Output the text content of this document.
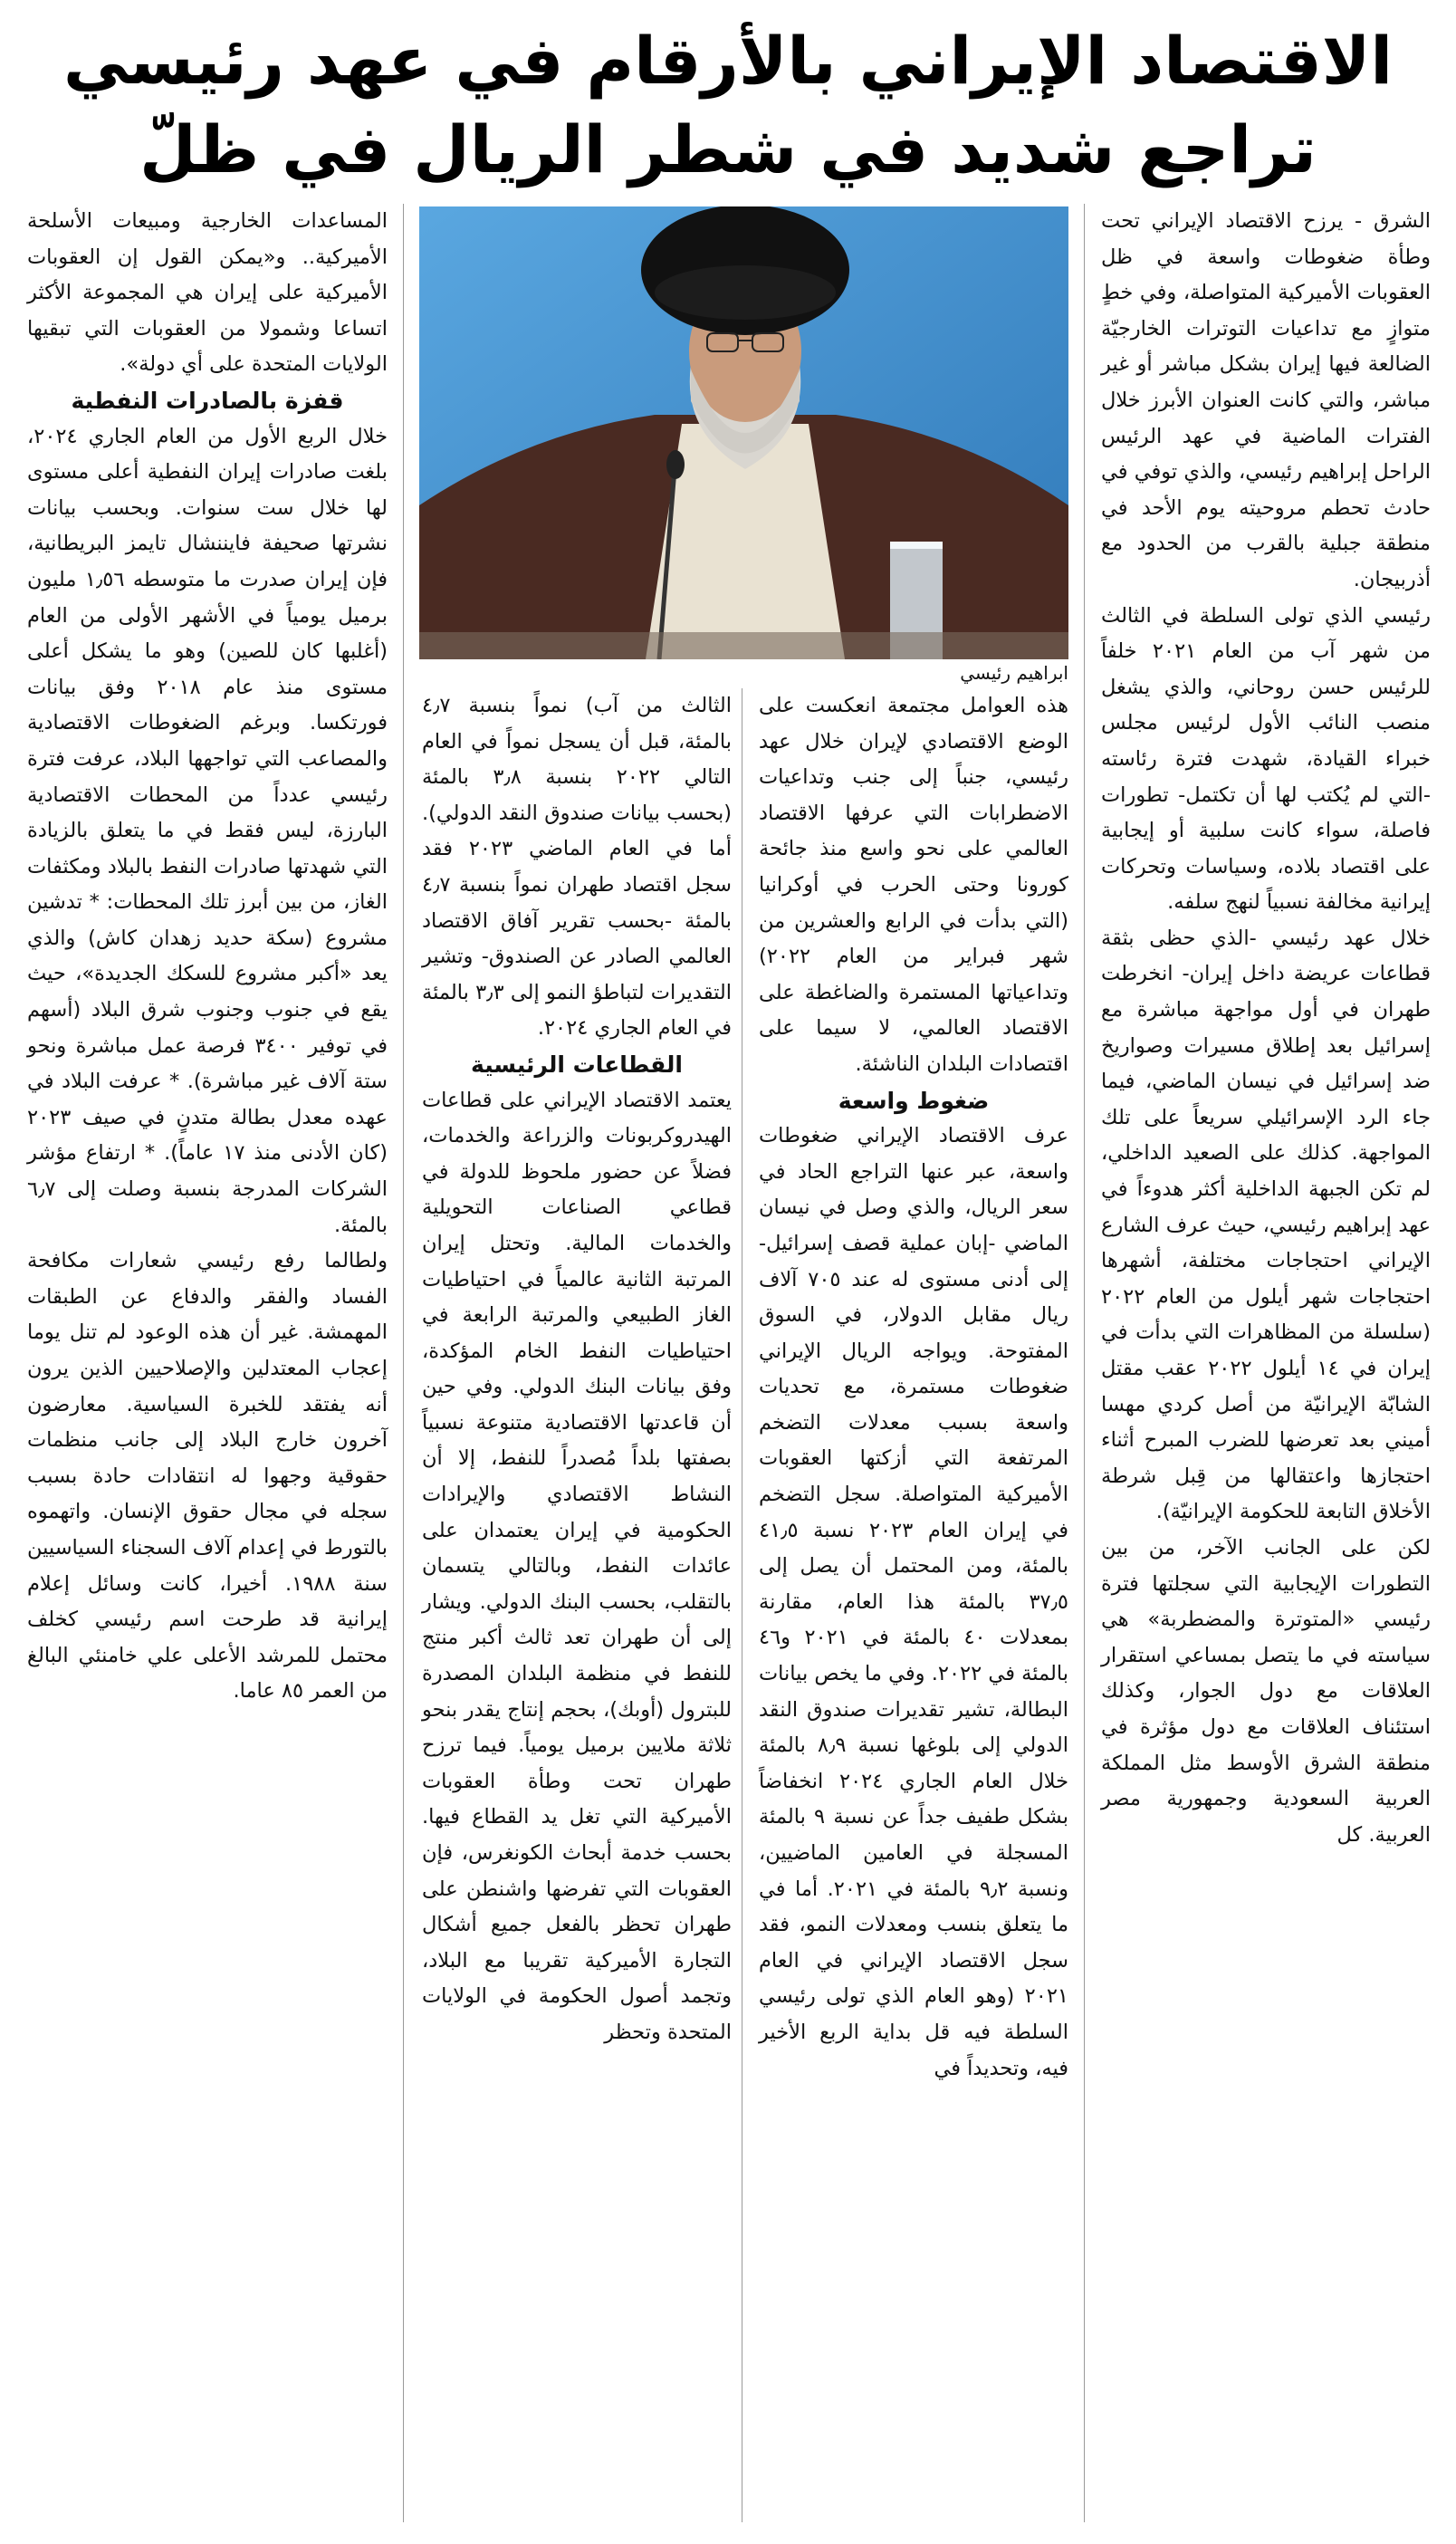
الاقتصاد الإيراني بالأرقام في عهد رئيسي
تراجع شديد في شطر الريال في ظلّ

الشرق - يرزح الاقتصاد الإيراني تحت وطأة ضغوطات واسعة في ظل العقوبات الأميركية المتواصلة، وفي خطٍ متوازٍ مع تداعيات التوترات الخارجيّة الضالعة فيها إيران بشكل مباشر أو غير مباشر، والتي كانت العنوان الأبرز خلال الفترات الماضية في عهد الرئيس الراحل إبراهيم رئيسي، والذي توفي في حادث تحطم مروحيته يوم الأحد في منطقة جبلية بالقرب من الحدود مع أذربيجان.

رئيسي الذي تولى السلطة في الثالث من شهر آب من العام ٢٠٢١ خلفاً للرئيس حسن روحاني، والذي يشغل منصب النائب الأول لرئيس مجلس خبراء القيادة، شهدت فترة رئاسته -التي لم يُكتب لها أن تكتمل- تطورات فاصلة، سواء كانت سلبية أو إيجابية على اقتصاد بلاده، وسياسات وتحركات إيرانية مخالفة نسبياً لنهج سلفه.

خلال عهد رئيسي -الذي حظى بثقة قطاعات عريضة داخل إيران- انخرطت طهران في أول مواجهة مباشرة مع إسرائيل بعد إطلاق مسيرات وصواريخ ضد إسرائيل في نيسان الماضي، فيما جاء الرد الإسرائيلي سريعاً على تلك المواجهة. كذلك على الصعيد الداخلي، لم تكن الجبهة الداخلية أكثر هدوءاً في عهد إبراهيم رئيسي، حيث عرف الشارع الإيراني احتجاجات مختلفة، أشهرها احتجاجات شهر أيلول من العام ٢٠٢٢ (سلسلة من المظاهرات التي بدأت في إيران في ١٤ أيلول ٢٠٢٢ عقب مقتل الشابّة الإيرانيّة من أصل كردي مهسا أميني بعد تعرضها للضرب المبرح أثناء احتجازها واعتقالها من قِبل شرطة الأخلاق التابعة للحكومة الإيرانيّة).

لكن على الجانب الآخر، من بين التطورات الإيجابية التي سجلتها فترة رئيسي «المتوترة والمضطربة» هي سياسته في ما يتصل بمساعي استقرار العلاقات مع دول الجوار، وكذلك استئناف العلاقات مع دول مؤثرة في منطقة الشرق الأوسط مثل المملكة العربية السعودية وجمهورية مصر العربية. كل

ابراهيم رئيسي

هذه العوامل مجتمعة انعكست على الوضع الاقتصادي لإيران خلال عهد رئيسي، جنباً إلى جنب وتداعيات الاضطرابات التي عرفها الاقتصاد العالمي على نحو واسع منذ جائحة كورونا وحتى الحرب في أوكرانيا (التي بدأت في الرابع والعشرين من شهر فبراير من العام ٢٠٢٢) وتداعياتها المستمرة والضاغطة على الاقتصاد العالمي، لا سيما على اقتصادات البلدان الناشئة.

ضغوط واسعة

عرف الاقتصاد الإيراني ضغوطات واسعة، عبر عنها التراجع الحاد في سعر الريال، والذي وصل في نيسان الماضي -إبان عملية قصف إسرائيل- إلى أدنى مستوى له عند ٧٠٥ آلاف ريال مقابل الدولار، في السوق المفتوحة. ويواجه الريال الإيراني ضغوطات مستمرة، مع تحديات واسعة بسبب معدلات التضخم المرتفعة التي أزكتها العقوبات الأميركية المتواصلة. سجل التضخم في إيران العام ٢٠٢٣ نسبة ٤١٫٥ بالمئة، ومن المحتمل أن يصل إلى ٣٧٫٥ بالمئة هذا العام، مقارنة بمعدلات ٤٠ بالمئة في ٢٠٢١ و٤٦ بالمئة في ٢٠٢٢. وفي ما يخص بيانات البطالة، تشير تقديرات صندوق النقد الدولي إلى بلوغها نسبة ٨٫٩ بالمئة خلال العام الجاري ٢٠٢٤ انخفاضاً بشكل طفيف جداً عن نسبة ٩ بالمئة المسجلة في العامين الماضيين، ونسبة ٩٫٢ بالمئة في ٢٠٢١. أما في ما يتعلق بنسب ومعدلات النمو، فقد سجل الاقتصاد الإيراني في العام ٢٠٢١ (وهو العام الذي تولى رئيسي السلطة فيه قل بداية الربع الأخير فيه، وتحديداً في

الثالث من آب) نمواً بنسبة ٤٫٧ بالمئة، قبل أن يسجل نمواً في العام التالي ٢٠٢٢ بنسبة ٣٫٨ بالمئة (بحسب بيانات صندوق النقد الدولي). أما في العام الماضي ٢٠٢٣ فقد سجل اقتصاد طهران نمواً بنسبة ٤٫٧ بالمئة -بحسب تقرير آفاق الاقتصاد العالمي الصادر عن الصندوق- وتشير التقديرات لتباطؤ النمو إلى ٣٫٣ بالمئة في العام الجاري ٢٠٢٤.

القطاعات الرئيسية

يعتمد الاقتصاد الإيراني على قطاعات الهيدروكربونات والزراعة والخدمات، فضلاً عن حضور ملحوظ للدولة في قطاعي الصناعات التحويلية والخدمات المالية. وتحتل إيران المرتبة الثانية عالمياً في احتياطيات الغاز الطبيعي والمرتبة الرابعة في احتياطيات النفط الخام المؤكدة، وفق بيانات البنك الدولي. وفي حين أن قاعدتها الاقتصادية متنوعة نسبياً بصفتها بلداً مُصدراً للنفط، إلا أن النشاط الاقتصادي والإيرادات الحكومية في إيران يعتمدان على عائدات النفط، وبالتالي يتسمان بالتقلب، بحسب البنك الدولي. ويشار إلى أن طهران تعد ثالث أكبر منتج للنفط في منظمة البلدان المصدرة للبترول (أوبك)، بحجم إنتاج يقدر بنحو ثلاثة ملايين برميل يومياً. فيما ترزح طهران تحت وطأة العقوبات الأميركية التي تغل يد القطاع فيها. بحسب خدمة أبحاث الكونغرس، فإن العقوبات التي تفرضها واشنطن على طهران تحظر بالفعل جميع أشكال التجارة الأميركية تقريبا مع البلاد، وتجمد أصول الحكومة في الولايات المتحدة وتحظر

المساعدات الخارجية ومبيعات الأسلحة الأميركية.. و«يمكن القول إن العقوبات الأميركية على إيران هي المجموعة الأكثر اتساعا وشمولا من العقوبات التي تبقيها الولايات المتحدة على أي دولة».

قفزة بالصادرات النفطية

خلال الربع الأول من العام الجاري ٢٠٢٤، بلغت صادرات إيران النفطية أعلى مستوى لها خلال ست سنوات. وبحسب بيانات نشرتها صحيفة فايننشال تايمز البريطانية، فإن إيران صدرت ما متوسطه ١٫٥٦ مليون برميل يومياً في الأشهر الأولى من العام (أغلبها كان للصين) وهو ما يشكل أعلى مستوى منذ عام ٢٠١٨ وفق بيانات فورتكسا. وبرغم الضغوطات الاقتصادية والمصاعب التي تواجهها البلاد، عرفت فترة رئيسي عدداً من المحطات الاقتصادية البارزة، ليس فقط في ما يتعلق بالزيادة التي شهدتها صادرات النفط بالبلاد ومكثفات الغاز، من بين أبرز تلك المحطات: * تدشين مشروع (سكة حديد زهدان كاش) والذي يعد «أكبر مشروع للسكك الجديدة»، حيث يقع في جنوب وجنوب شرق البلاد (أسهم في توفير ٣٤٠٠ فرصة عمل مباشرة ونحو ستة آلاف غير مباشرة). * عرفت البلاد في عهده معدل بطالة متدنٍ في صيف ٢٠٢٣ (كان الأدنى منذ ١٧ عاماً). * ارتفاع مؤشر الشركات المدرجة بنسبة وصلت إلى ٦٫٧ بالمئة.

ولطالما رفع رئيسي شعارات مكافحة الفساد والفقر والدفاع عن الطبقات المهمشة. غير أن هذه الوعود لم تنل يوما إعجاب المعتدلين والإصلاحيين الذين يرون أنه يفتقد للخبرة السياسية. معارضون آخرون خارج البلاد إلى جانب منظمات حقوقية وجهوا له انتقادات حادة بسبب سجله في مجال حقوق الإنسان. واتهموه بالتورط في إعدام آلاف السجناء السياسيين سنة ١٩٨٨. أخيرا، كانت وسائل إعلام إيرانية قد طرحت اسم رئيسي كخلف محتمل للمرشد الأعلى علي خامنئي البالغ من العمر ٨٥ عاما.
